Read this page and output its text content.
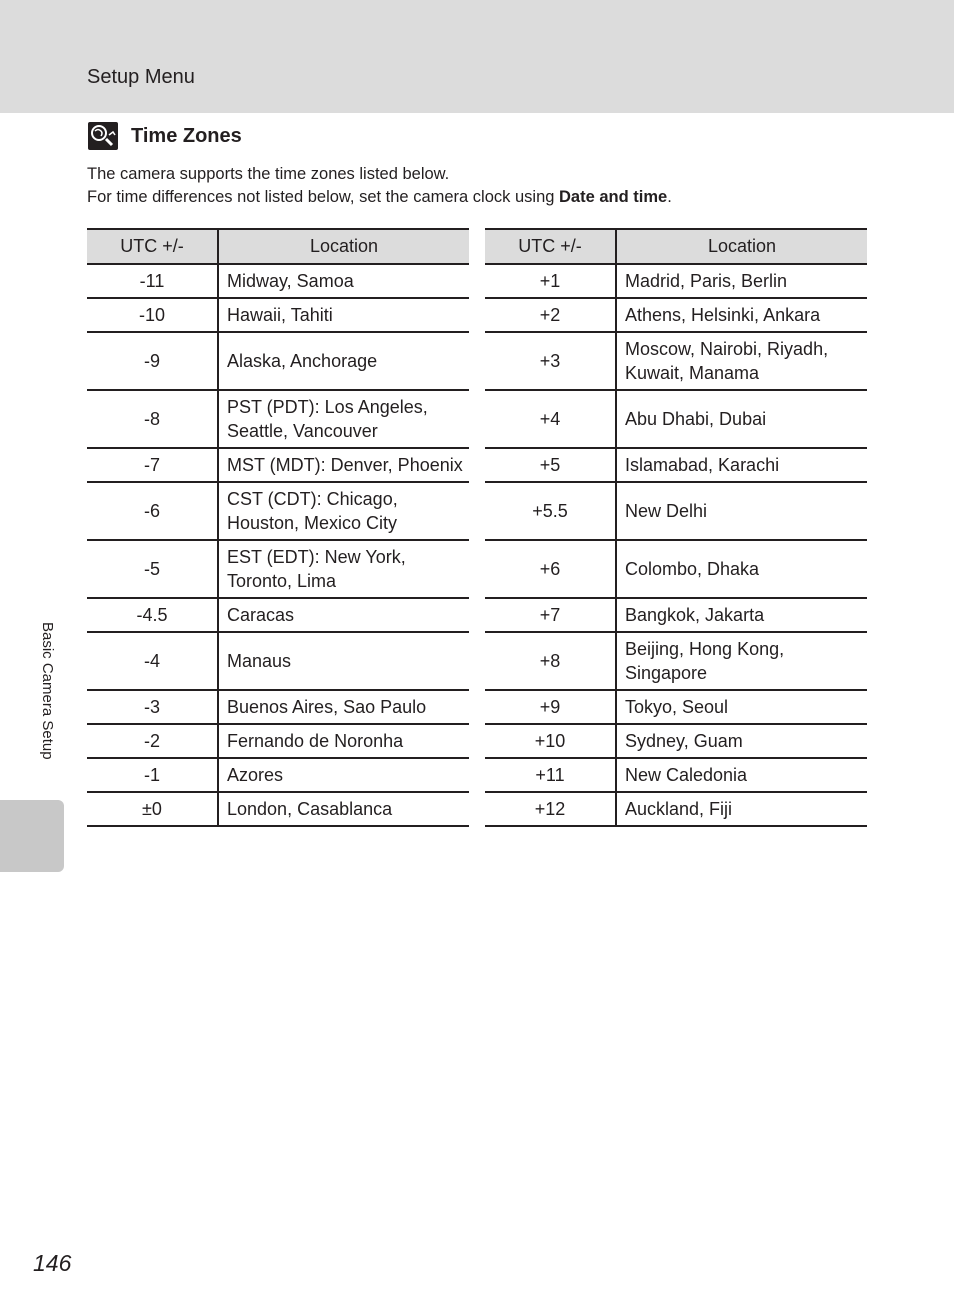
Setup Menu
Time Zones
The camera supports the time zones listed below.
For time differences not listed below, set the camera clock using Date and time.
UTC +/-	Location
-11	Midway, Samoa
-10	Hawaii, Tahiti
-9	Alaska, Anchorage
-8	PST (PDT): Los Angeles, Seattle, Vancouver
-7	MST (MDT): Denver, Phoenix
-6	CST (CDT): Chicago, Houston, Mexico City
-5	EST (EDT): New York, Toronto, Lima
-4.5	Caracas
-4	Manaus
-3	Buenos Aires, Sao Paulo
-2	Fernando de Noronha
-1	Azores
±0	London, Casablanca
UTC +/-	Location
+1	Madrid, Paris, Berlin
+2	Athens, Helsinki, Ankara
+3	Moscow, Nairobi, Riyadh, Kuwait, Manama
+4	Abu Dhabi, Dubai
+5	Islamabad, Karachi
+5.5	New Delhi
+6	Colombo, Dhaka
+7	Bangkok, Jakarta
+8	Beijing, Hong Kong, Singapore
+9	Tokyo, Seoul
+10	Sydney, Guam
+11	New Caledonia
+12	Auckland, Fiji
Basic Camera Setup
146
